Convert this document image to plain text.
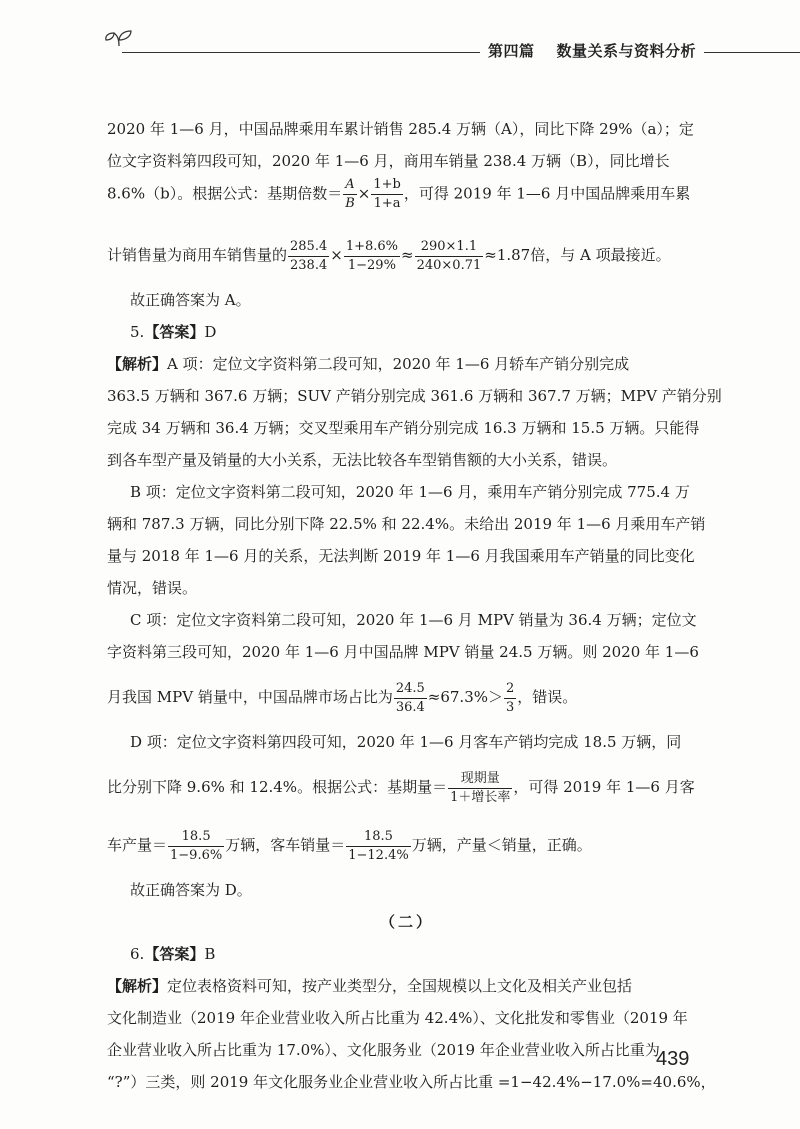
第四篇 数量关系与资料分析
2020 年 1—6 月，中国品牌乘用车累计销售 285.4 万辆（A），同比下降 29%（a）；定
位文字资料第四段可知，2020 年 1—6 月，商用车销量 238.4 万辆（B），同比增长
8.6%（b）。根据公式：基期倍数＝ $\frac{A}{B} \times \frac{1+b}{1+a}$ ，可得 2019 年 1—6 月中国品牌乘用车累
计销售量为商用车销售量的 $\frac{285.4}{238.4} \times \frac{1+8.6\%}{1-29\%} \approx \frac{290\times 1.1}{240\times 0.71} \approx 1.87$倍，与 A 项最接近。
故正确答案为 A。
5.【答案】D
【解析】A 项：定位文字资料第二段可知，2020 年 1—6 月轿车产销分别完成
363.5 万辆和 367.6 万辆；SUV 产销分别完成 361.6 万辆和 367.7 万辆；MPV 产销分别
完成 34 万辆和 36.4 万辆；交叉型乘用车产销分别完成 16.3 万辆和 15.5 万辆。只能得
到各车型产量及销量的大小关系，无法比较各车型销售额的大小关系，错误。
B 项：定位文字资料第二段可知，2020 年 1—6 月，乘用车产销分别完成 775.4 万
辆和 787.3 万辆，同比分别下降 22.5% 和 22.4%。未给出 2019 年 1—6 月乘用车产销
量与 2018 年 1—6 月的关系，无法判断 2019 年 1—6 月我国乘用车产销量的同比变化
情况，错误。
C 项：定位文字资料第二段可知，2020 年 1—6 月 MPV 销量为 36.4 万辆；定位文
字资料第三段可知，2020 年 1—6 月中国品牌 MPV 销量 24.5 万辆。则 2020 年 1—6
月我国 MPV 销量中，中国品牌市场占比为 $\frac{24.5}{36.4} \approx 67.3\%> \frac{2}{3}$ ，错误。
D 项：定位文字资料第四段可知，2020 年 1—6 月客车产销均完成 18.5 万辆，同
比分别下降 9.6% 和 12.4%。根据公式：基期量＝ $\frac{\text{现期量}}{\text{1＋增长率}}$ ，可得 2019 年 1—6 月客
车产量＝ $\frac{18.5}{1-9.6\%}$ 万辆，客车销量＝ $\frac{18.5}{1-12.4\%}$ 万辆，产量＜销量，正确。
故正确答案为 D。
（二）
6.【答案】B
【解析】定位表格资料可知，按产业类型分，全国规模以上文化及相关产业包括
文化制造业（2019 年企业营业收入所占比重为 42.4%）、文化批发和零售业（2019 年
企业营业收入所占比重为 17.0%）、文化服务业（2019 年企业营业收入所占比重为
“?”）三类，则 2019 年文化服务业企业营业收入所占比重 =1−42.4%−17.0%=40.6%，
439
